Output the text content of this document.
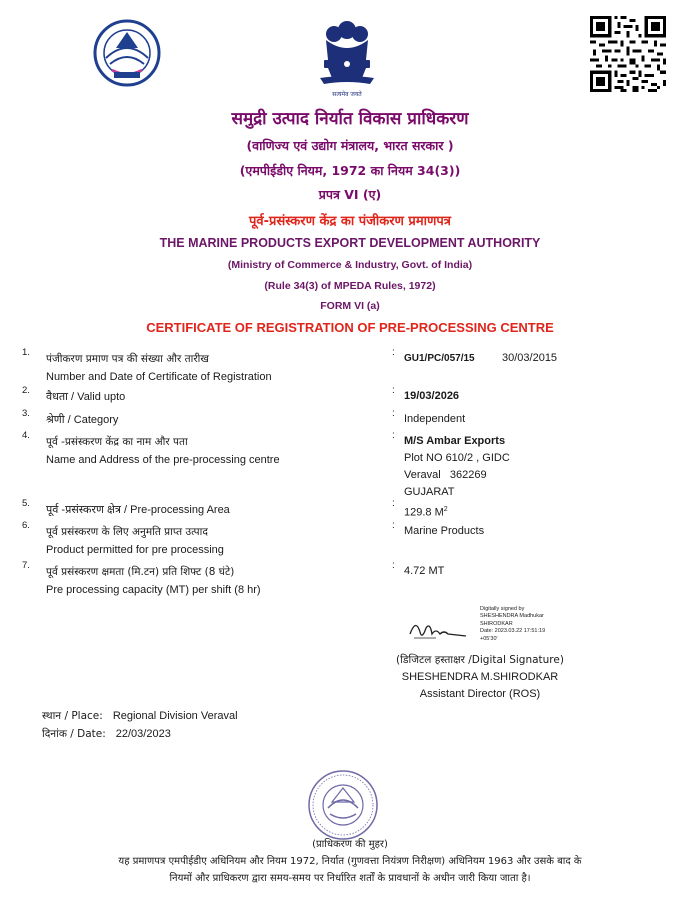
सत्यमेव जयते
समुद्री उत्पाद निर्यात विकास प्राधिकरण
(वाणिज्य एवं उद्योग मंत्रालय, भारत सरकार )
(एमपीईडीए नियम, 1972 का नियम 34(3))
प्रपत्र VI (ए)
पूर्व-प्रसंस्करण केंद्र का पंजीकरण प्रमाणपत्र
THE MARINE PRODUCTS EXPORT DEVELOPMENT AUTHORITY
(Ministry of Commerce & Industry, Govt. of India)
(Rule 34(3) of MPEDA Rules, 1972)
FORM VI (a)
CERTIFICATE OF REGISTRATION OF PRE-PROCESSING CENTRE
1.
पंजीकरण प्रमाण पत्र की संख्या और तारीख
Number and Date of Certificate of Registration
:
GU1/PC/057/15 30/03/2015
2.
वैधता / Valid upto
: 19/03/2026
3.
श्रेणी / Category
: Independent
4.
पूर्व -प्रसंस्करण केंद्र का नाम और पता
Name and Address of the pre-processing centre
: M/S Ambar Exports
Plot NO 610/2 , GIDC
Veraval   362269
GUJARAT
5.
पूर्व -प्रसंस्करण क्षेत्र / Pre-processing Area
:
129.8 $M^2$
6.
पूर्व प्रसंस्करण के लिए अनुमति प्राप्त उत्पाद
Product permitted for pre processing
: Marine Products
7.
पूर्व प्रसंस्करण क्षमता (मि.टन) प्रति शिफ्ट (8 घंटे)
Pre processing capacity (MT) per shift (8 hr)
: 4.72 MT
Digitally signed by
SHESHENDRA Madhukar
SHIRODKAR
Date: 2023.03.22 17:51:19
+05'30'
(डिजिटल हस्ताक्षर /Digital Signature)
SHESHENDRA M.SHIRODKAR
Assistant Director (ROS)
स्थान / Place: Regional Division Veraval
दिनांक / Date: 22/03/2023
(प्राधिकरण की मुहर)
यह प्रमाणपत्र एमपीईडीए अधिनियम और नियम 1972, निर्यात (गुणवत्ता नियंत्रण निरीक्षण) अधिनियम 1963 और उसके बाद के
नियमों और प्राधिकरण द्वारा समय-समय पर निर्धारित शर्तों के प्रावधानों के अधीन जारी किया जाता है।
